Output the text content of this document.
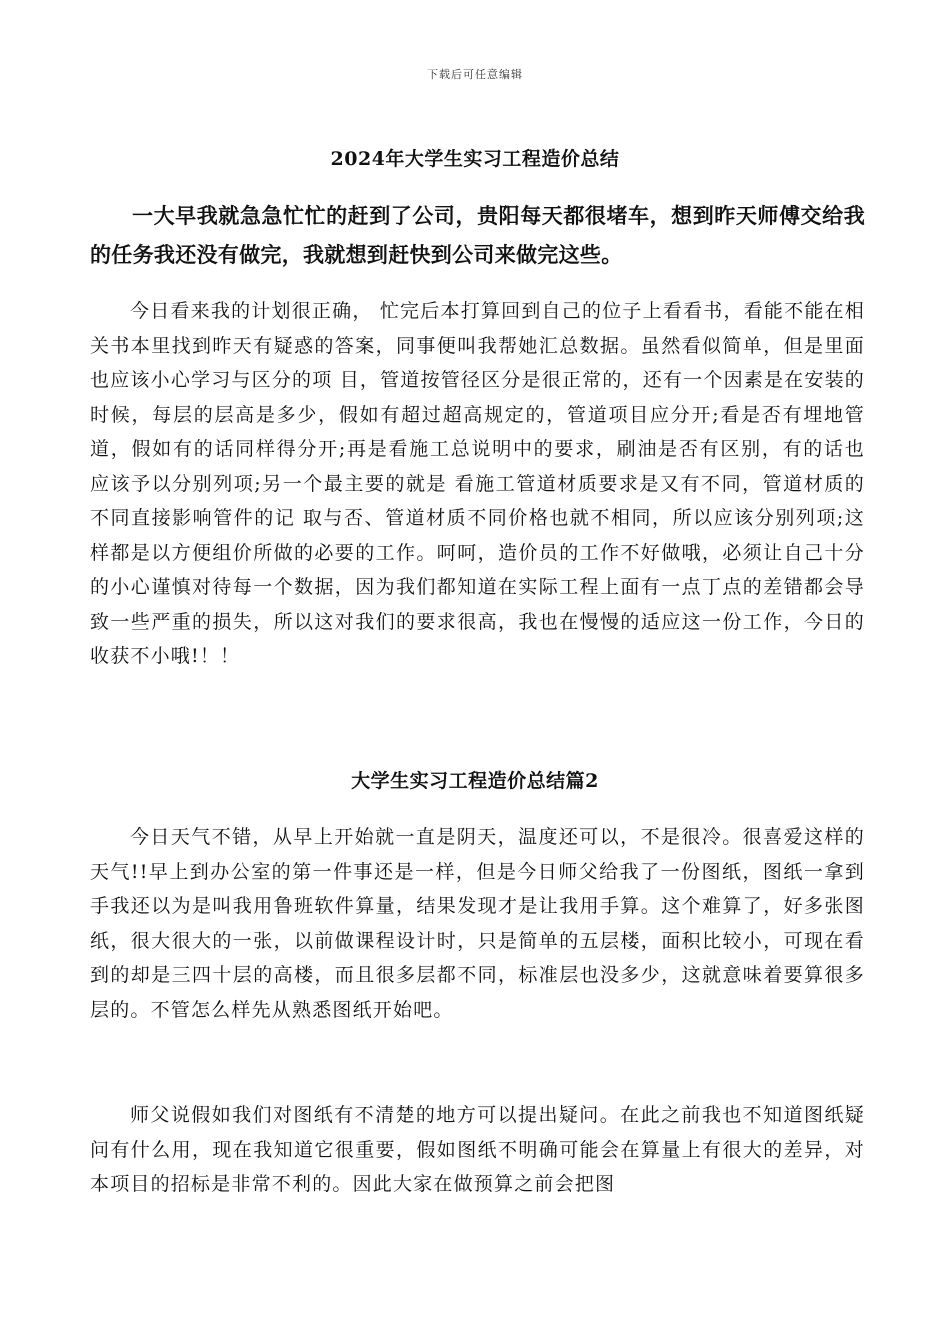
下载后可任意编辑
2024年大学生实习工程造价总结
一大早我就急急忙忙的赶到了公司，贵阳每天都很堵车，想到昨天师傅交给我的任务我还没有做完，我就想到赶快到公司来做完这些。
今日看来我的计划很正确， 忙完后本打算回到自己的位子上看看书，看能不能在相关书本里找到昨天有疑惑的答案，同事便叫我帮她汇总数据。虽然看似简单，但是里面也应该小心学习与区分的项 目，管道按管径区分是很正常的，还有一个因素是在安装的时候，每层的层高是多少，假如有超过超高规定的，管道项目应分开;看是否有埋地管道，假如有的话同样得分开;再是看施工总说明中的要求，刷油是否有区别，有的话也应该予以分别列项;另一个最主要的就是 看施工管道材质要求是又有不同，管道材质的不同直接影响管件的记 取与否、管道材质不同价格也就不相同，所以应该分别列项;这样都是以方便组价所做的必要的工作。呵呵，造价员的工作不好做哦，必须让自己十分的小心谨慎对待每一个数据，因为我们都知道在实际工程上面有一点丁点的差错都会导致一些严重的损失，所以这对我们的要求很高，我也在慢慢的适应这一份工作，今日的收获不小哦!！！
大学生实习工程造价总结篇2
今日天气不错，从早上开始就一直是阴天，温度还可以，不是很冷。很喜爱这样的天气!!早上到办公室的第一件事还是一样，但是今日师父给我了一份图纸，图纸一拿到手我还以为是叫我用鲁班软件算量，结果发现才是让我用手算。这个难算了，好多张图纸，很大很大的一张，以前做课程设计时，只是简单的五层楼，面积比较小，可现在看到的却是三四十层的高楼，而且很多层都不同，标准层也没多少，这就意味着要算很多层的。不管怎么样先从熟悉图纸开始吧。
师父说假如我们对图纸有不清楚的地方可以提出疑问。在此之前我也不知道图纸疑问有什么用，现在我知道它很重要，假如图纸不明确可能会在算量上有很大的差异，对本项目的招标是非常不利的。因此大家在做预算之前会把图
